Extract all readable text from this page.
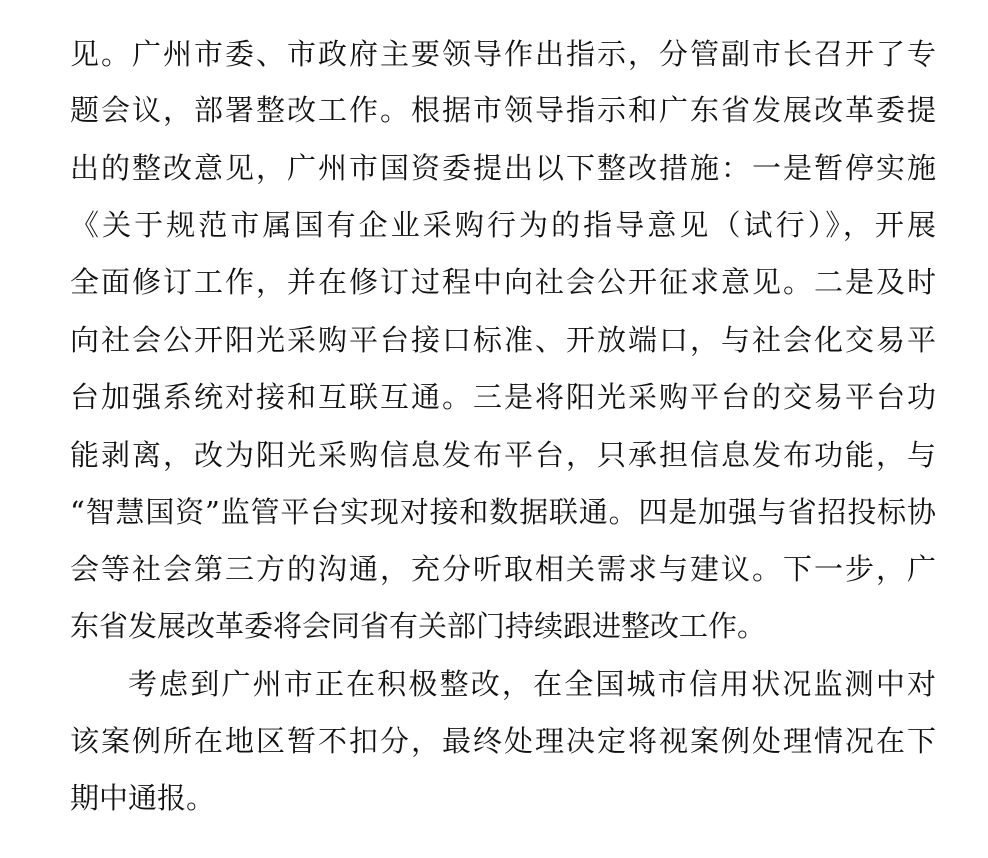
见。广州市委、市政府主要领导作出指示，分管副市长召开了专

题会议，部署整改工作。根据市领导指示和广东省发展改革委提

出的整改意见，广州市国资委提出以下整改措施：一是暂停实施

《关于规范市属国有企业采购行为的指导意见（试行）》，开展

全面修订工作，并在修订过程中向社会公开征求意见。二是及时

向社会公开阳光采购平台接口标准、开放端口，与社会化交易平

台加强系统对接和互联互通。三是将阳光采购平台的交易平台功

能剥离，改为阳光采购信息发布平台，只承担信息发布功能，与

“智慧国资”监管平台实现对接和数据联通。四是加强与省招投标协

会等社会第三方的沟通，充分听取相关需求与建议。下一步，广

东省发展改革委将会同省有关部门持续跟进整改工作。

考虑到广州市正在积极整改，在全国城市信用状况监测中对

该案例所在地区暂不扣分，最终处理决定将视案例处理情况在下

期中通报。
